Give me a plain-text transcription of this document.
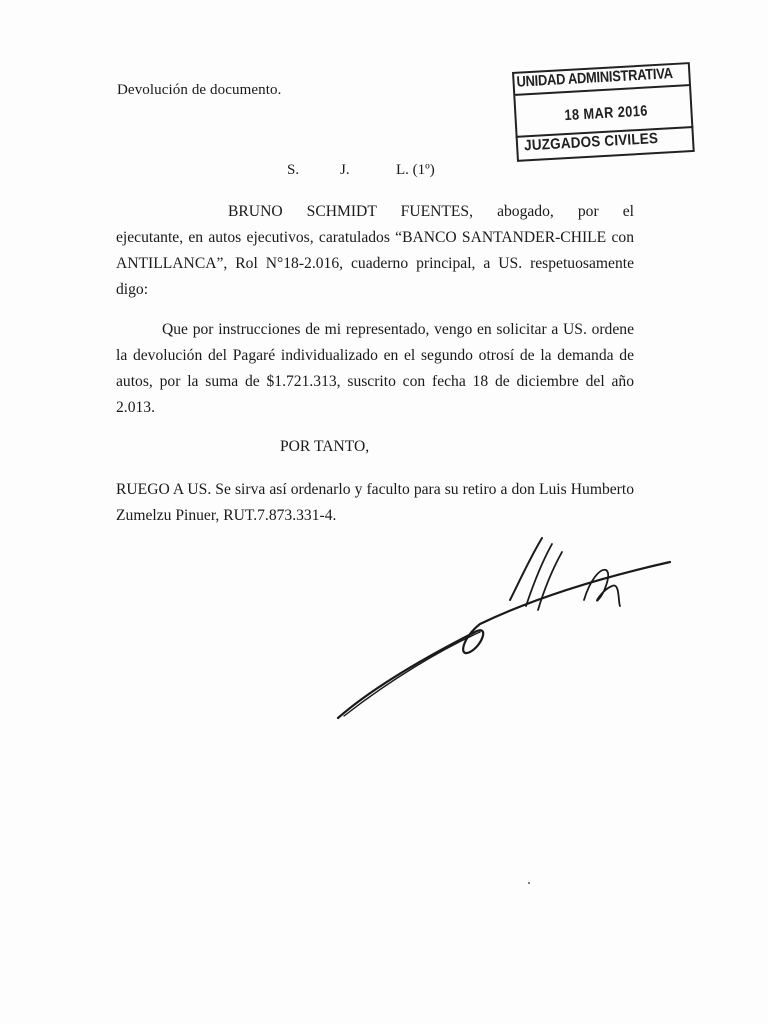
Devolución de documento.	UNIDAD ADMINISTRATIVA
18 MAR 2016
JUZGADOS CIVILES
S.	J.	L. (1º)
BRUNO SCHMIDT FUENTES, abogado, por el
ejecutante, en autos ejecutivos, caratulados “BANCO SANTANDER-CHILE con ANTILLANCA”, Rol N°18-2.016, cuaderno principal, a US. respetuosamente digo:
Que por instrucciones de mi representado, vengo en solicitar a US. ordene la devolución del Pagaré individualizado en el segundo otrosí de la demanda de autos, por la suma de $1.721.313, suscrito con fecha 18 de diciembre del año 2.013.
POR TANTO,
RUEGO A US. Se sirva así ordenarlo y faculto para su retiro a don Luis Humberto Zumelzu Pinuer, RUT.7.873.331-4.
